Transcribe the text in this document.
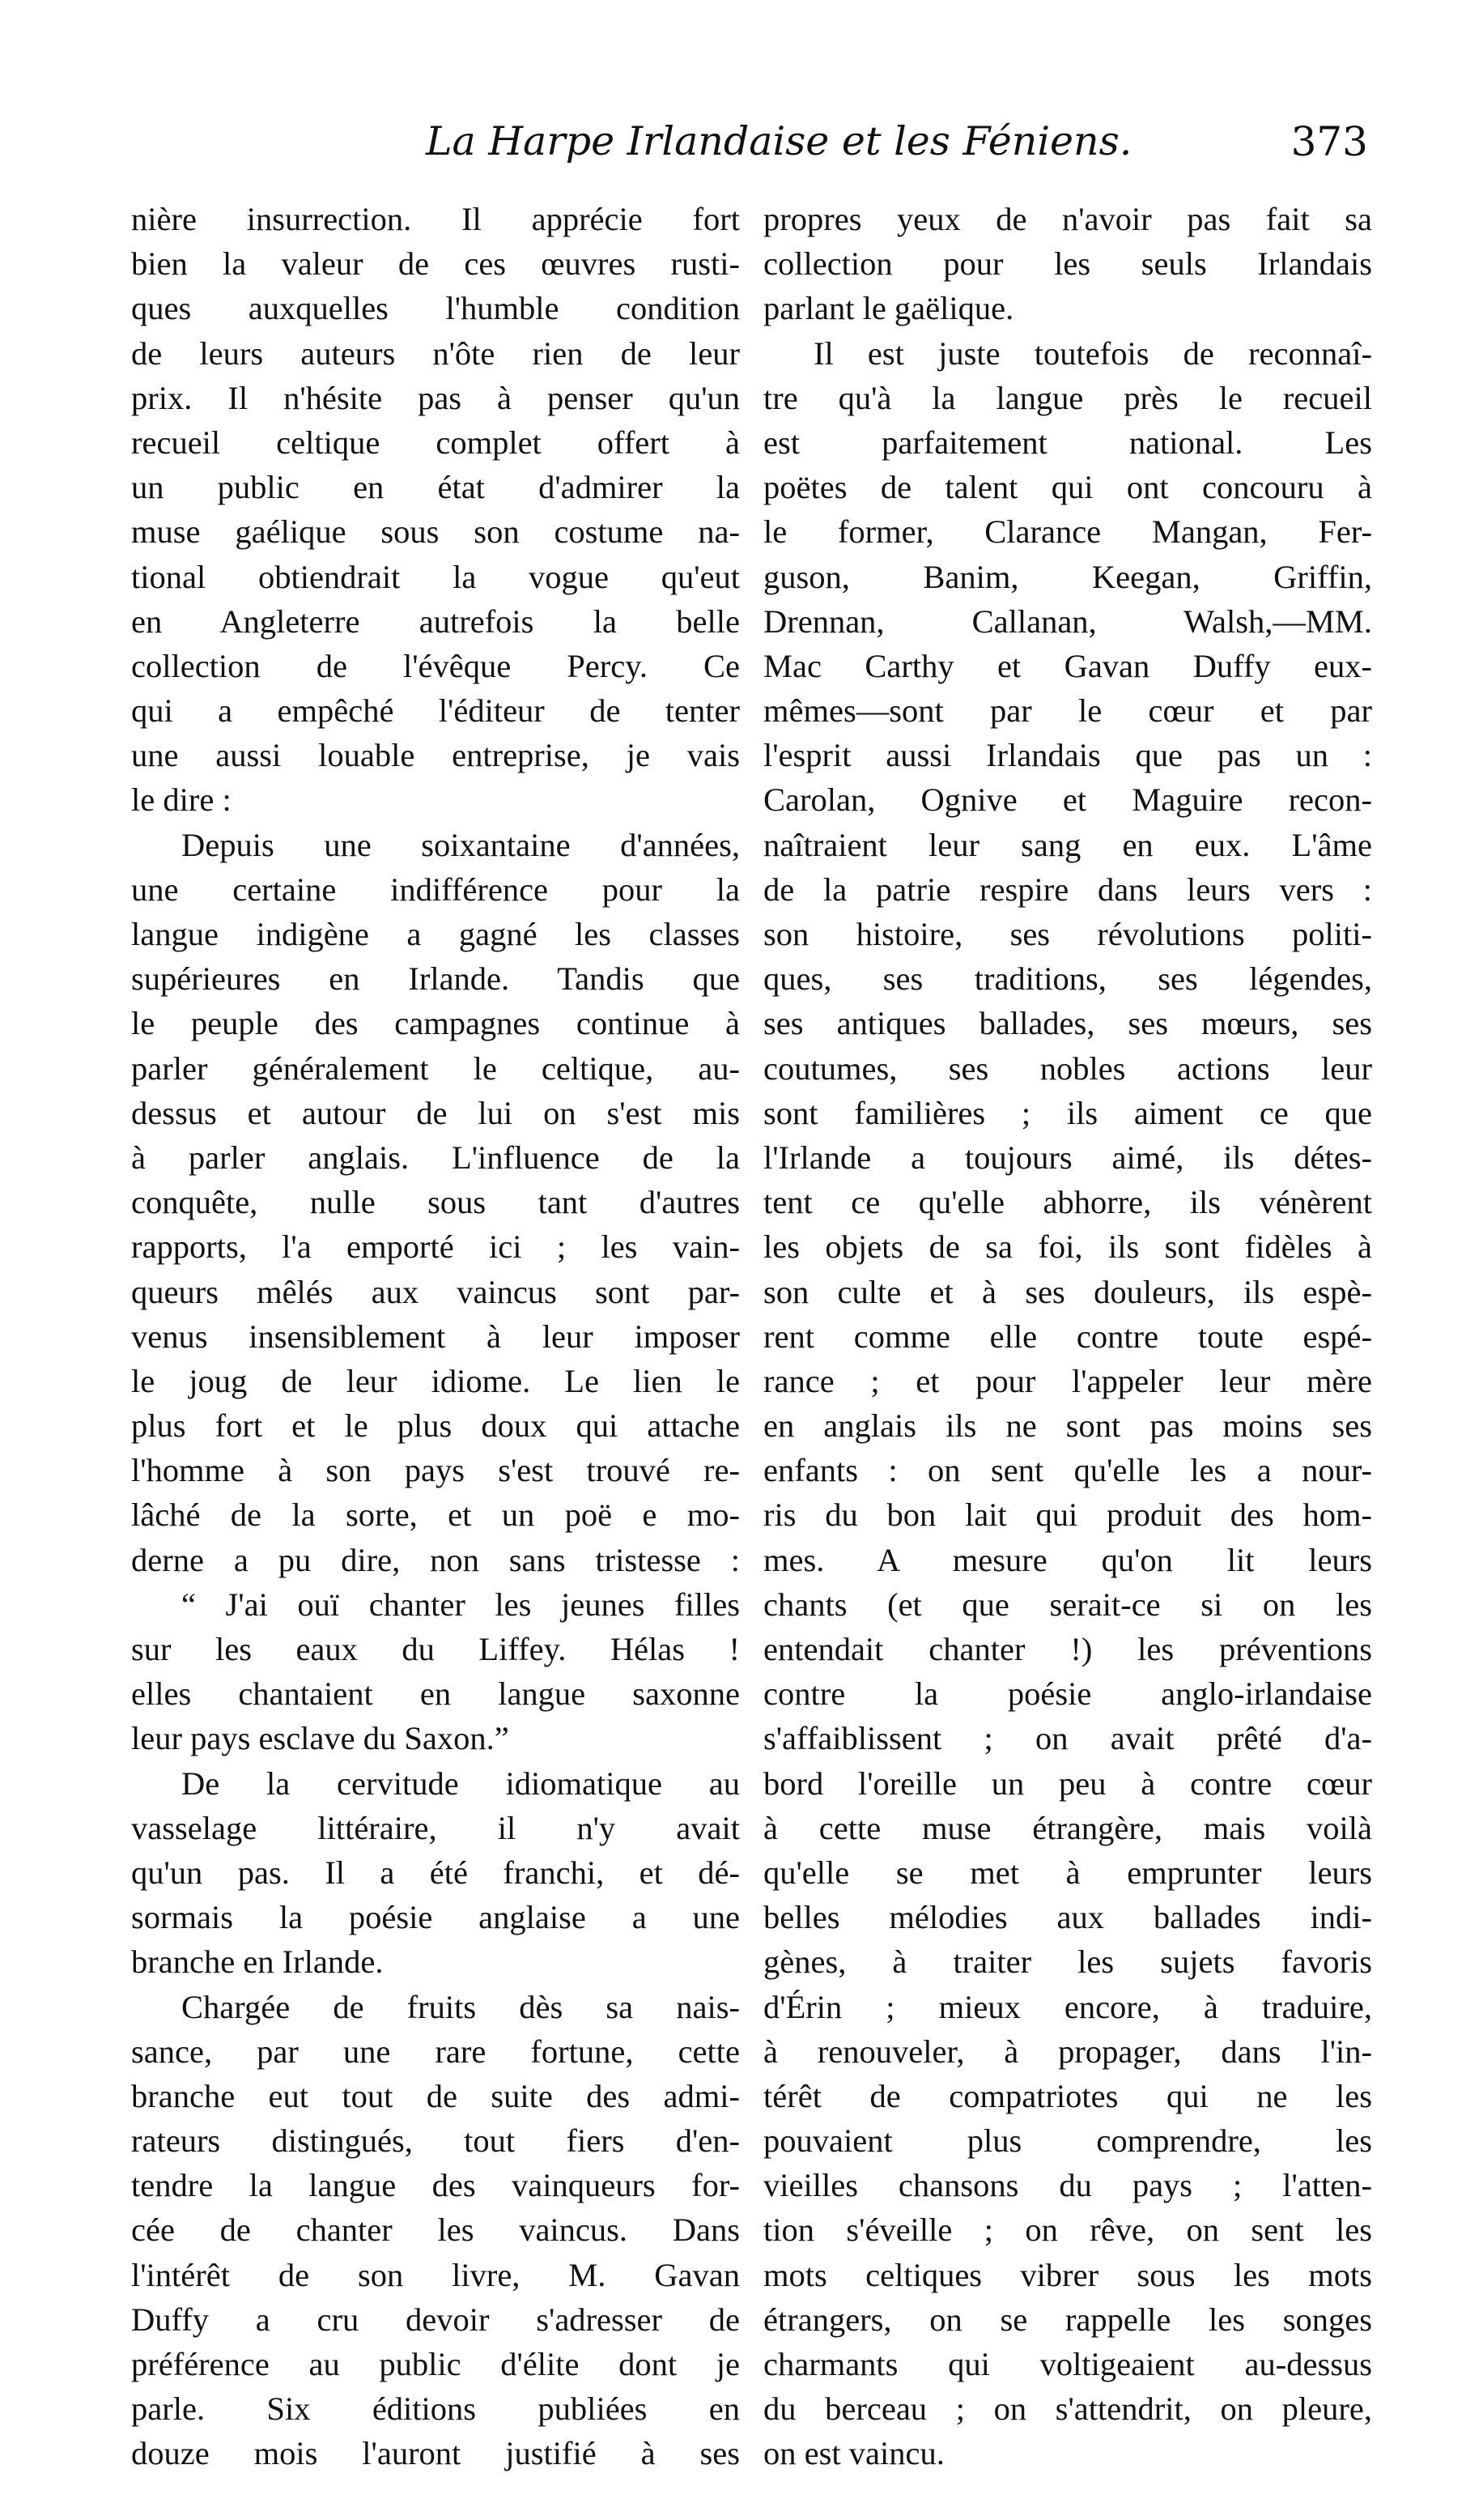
La Harpe Irlandaise et les Féniens.	373
nière insurrection. Il apprécie fort
bien la valeur de ces œuvres rusti-
ques auxquelles l'humble condition
de leurs auteurs n'ôte rien de leur
prix. Il n'hésite pas à penser qu'un
recueil celtique complet offert à
un public en état d'admirer la
muse gaélique sous son costume na-
tional obtiendrait la vogue qu'eut
en Angleterre autrefois la belle
collection de l'évêque Percy. Ce
qui a empêché l'éditeur de tenter
une aussi louable entreprise, je vais
le dire :
Depuis une soixantaine d'années,
une certaine indifférence pour la
langue indigène a gagné les classes
supérieures en Irlande. Tandis que
le peuple des campagnes continue à
parler généralement le celtique, au-
dessus et autour de lui on s'est mis
à parler anglais. L'influence de la
conquête, nulle sous tant d'autres
rapports, l'a emporté ici ; les vain-
queurs mêlés aux vaincus sont par-
venus insensiblement à leur imposer
le joug de leur idiome. Le lien le
plus fort et le plus doux qui attache
l'homme à son pays s'est trouvé re-
lâché de la sorte, et un poë e mo-
derne a pu dire, non sans tristesse :
“ J'ai ouï chanter les jeunes filles
sur les eaux du Liffey. Hélas !
elles chantaient en langue saxonne
leur pays esclave du Saxon.”
De la cervitude idiomatique au
vasselage littéraire, il n'y avait
qu'un pas. Il a été franchi, et dé-
sormais la poésie anglaise a une
branche en Irlande.
Chargée de fruits dès sa nais-
sance, par une rare fortune, cette
branche eut tout de suite des admi-
rateurs distingués, tout fiers d'en-
tendre la langue des vainqueurs for-
cée de chanter les vaincus. Dans
l'intérêt de son livre, M. Gavan
Duffy a cru devoir s'adresser de
préférence au public d'élite dont je
parle. Six éditions publiées en
douze mois l'auront justifié à ses
propres yeux de n'avoir pas fait sa
collection pour les seuls Irlandais
parlant le gaëlique.
Il est juste toutefois de reconnaî-
tre qu'à la langue près le recueil
est parfaitement national. Les
poëtes de talent qui ont concouru à
le former, Clarance Mangan, Fer-
guson, Banim, Keegan, Griffin,
Drennan, Callanan, Walsh,—MM.
Mac Carthy et Gavan Duffy eux-
mêmes—sont par le cœur et par
l'esprit aussi Irlandais que pas un :
Carolan, Ognive et Maguire recon-
naîtraient leur sang en eux. L'âme
de la patrie respire dans leurs vers :
son histoire, ses révolutions politi-
ques, ses traditions, ses légendes,
ses antiques ballades, ses mœurs, ses
coutumes, ses nobles actions leur
sont familières ; ils aiment ce que
l'Irlande a toujours aimé, ils détes-
tent ce qu'elle abhorre, ils vénèrent
les objets de sa foi, ils sont fidèles à
son culte et à ses douleurs, ils espè-
rent comme elle contre toute espé-
rance ; et pour l'appeler leur mère
en anglais ils ne sont pas moins ses
enfants : on sent qu'elle les a nour-
ris du bon lait qui produit des hom-
mes. A mesure qu'on lit leurs
chants (et que serait-ce si on les
entendait chanter !) les préventions
contre la poésie anglo-irlandaise
s'affaiblissent ; on avait prêté d'a-
bord l'oreille un peu à contre cœur
à cette muse étrangère, mais voilà
qu'elle se met à emprunter leurs
belles mélodies aux ballades indi-
gènes, à traiter les sujets favoris
d'Érin ; mieux encore, à traduire,
à renouveler, à propager, dans l'in-
térêt de compatriotes qui ne les
pouvaient plus comprendre, les
vieilles chansons du pays ; l'atten-
tion s'éveille ; on rêve, on sent les
mots celtiques vibrer sous les mots
étrangers, on se rappelle les songes
charmants qui voltigeaient au-dessus
du berceau ; on s'attendrit, on pleure,
on est vaincu.
